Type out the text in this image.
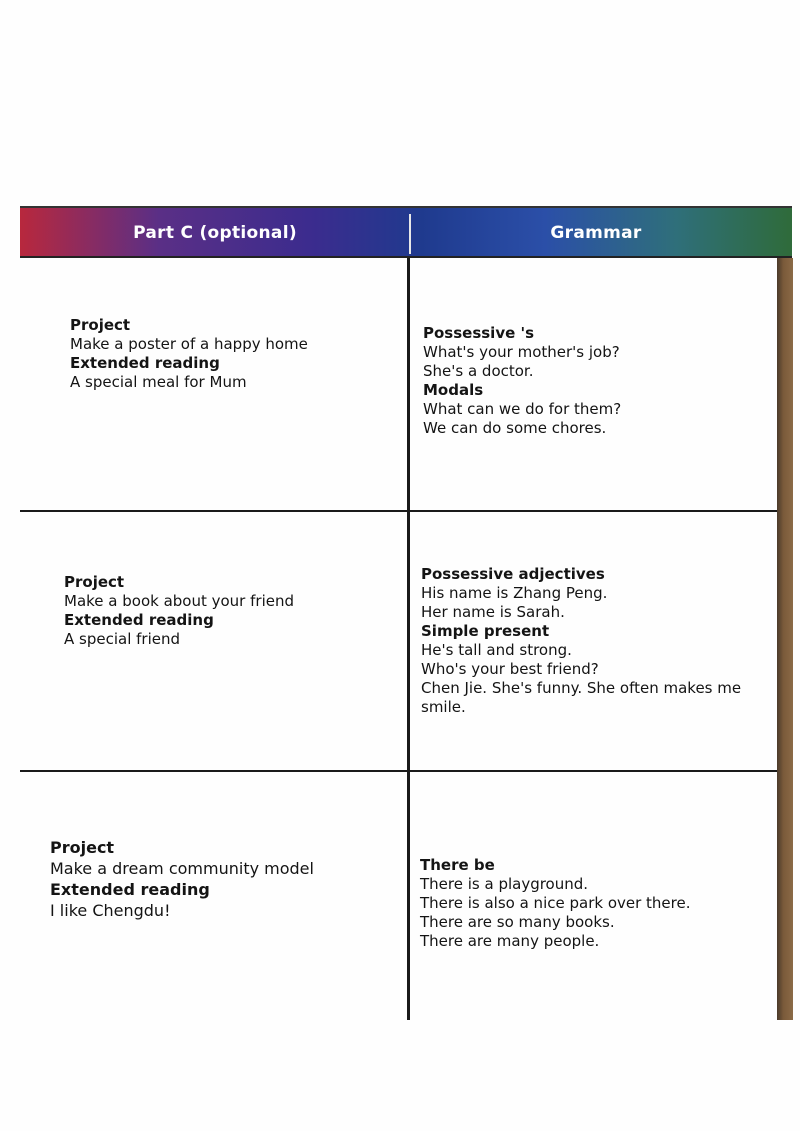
Part C (optional)	Grammar
Project
Make a poster of a happy home
Extended reading
A special meal for Mum
Possessive 's
What's your mother's job?
She's a doctor.
Modals
What can we do for them?
We can do some chores.
Project
Make a book about your friend
Extended reading
A special friend
Possessive adjectives
His name is Zhang Peng.
Her name is Sarah.
Simple present
He's tall and strong.
Who's your best friend?
Chen Jie. She's funny. She often makes me smile.
Project
Make a dream community model
Extended reading
I like Chengdu!
There be
There is a playground.
There is also a nice park over there.
There are so many books.
There are many people.
